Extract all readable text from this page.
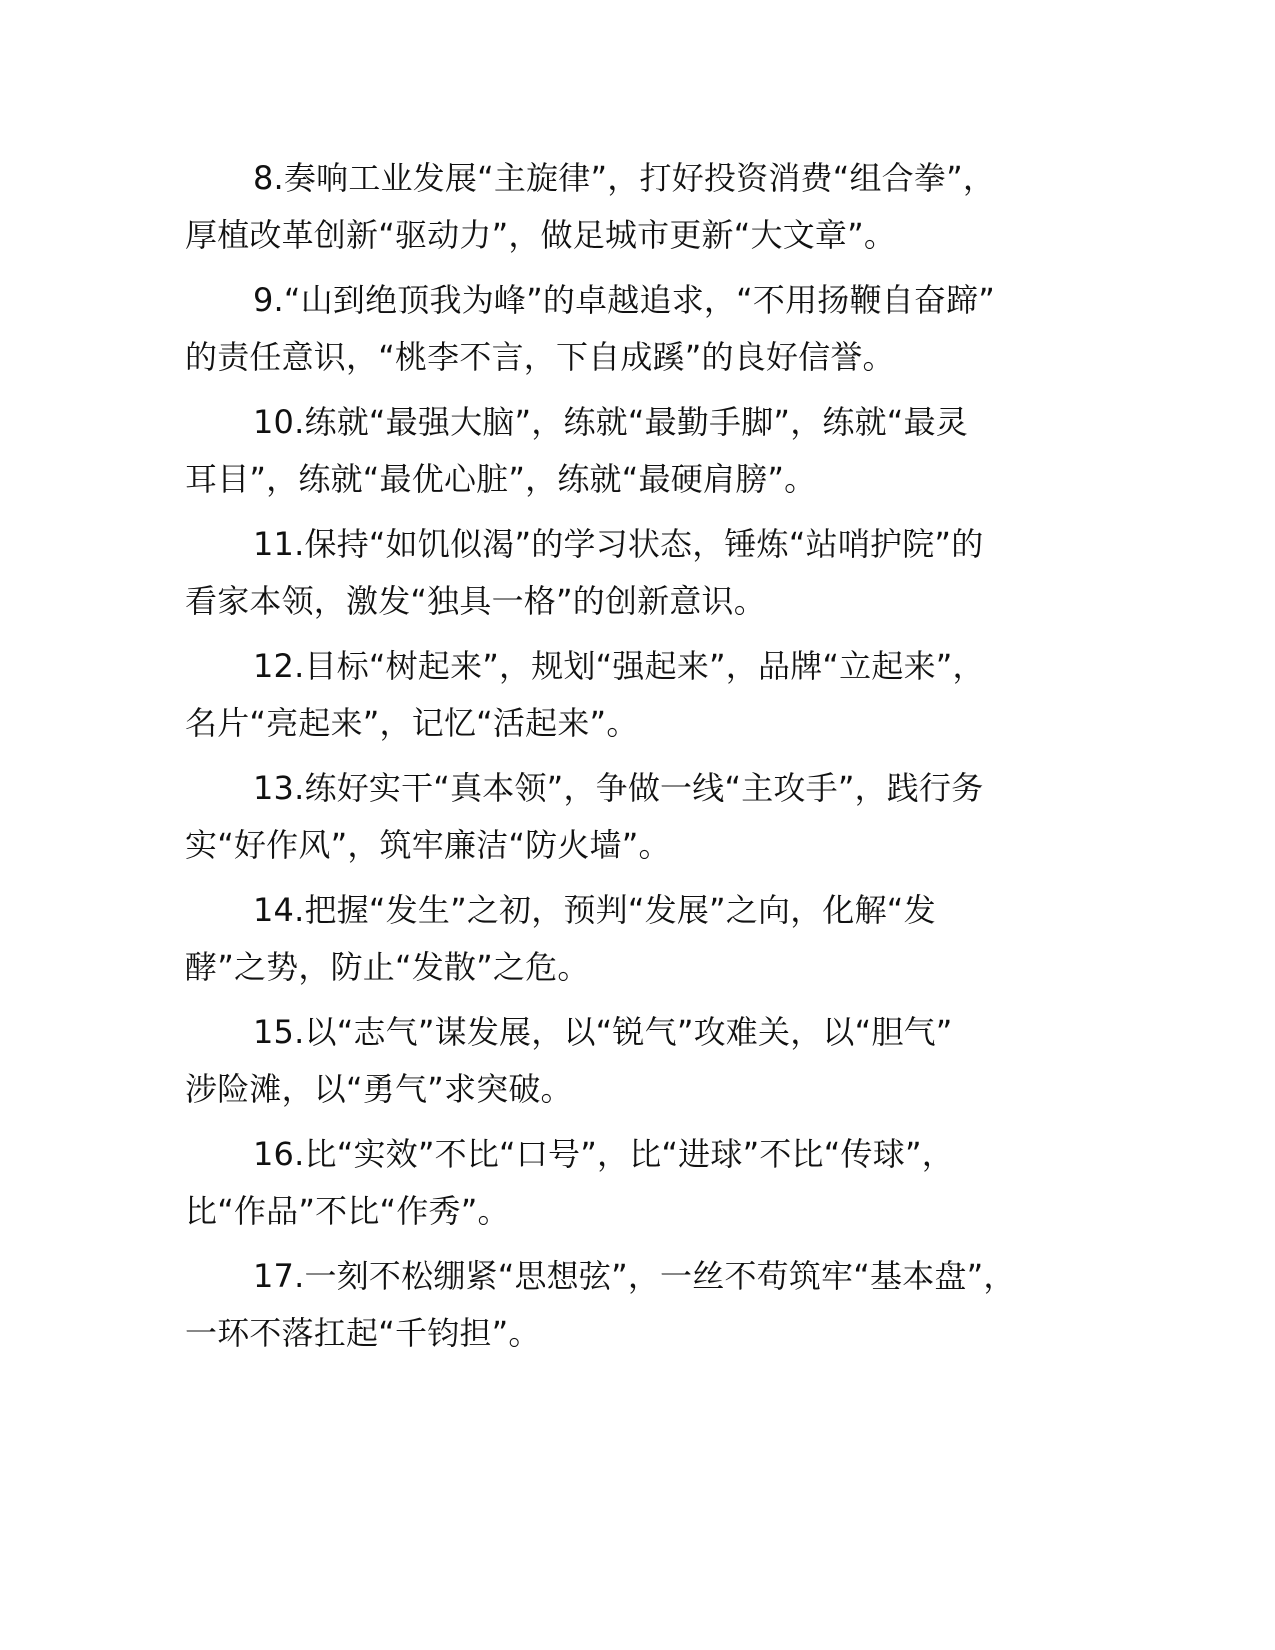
8.奏响工业发展“主旋律”，打好投资消费“组合拳”，
厚植改革创新“驱动力”，做足城市更新“大文章”。

9.“山到绝顶我为峰”的卓越追求，“不用扬鞭自奋蹄”
的责任意识，“桃李不言，下自成蹊”的良好信誉。

10.练就“最强大脑”，练就“最勤手脚”，练就“最灵
耳目”，练就“最优心脏”，练就“最硬肩膀”。

11.保持“如饥似渴”的学习状态，锤炼“站哨护院”的
看家本领，激发“独具一格”的创新意识。

12.目标“树起来”，规划“强起来”，品牌“立起来”，
名片“亮起来”，记忆“活起来”。

13.练好实干“真本领”，争做一线“主攻手”，践行务
实“好作风”，筑牢廉洁“防火墙”。

14.把握“发生”之初，预判“发展”之向，化解“发
酵”之势，防止“发散”之危。

15.以“志气”谋发展，以“锐气”攻难关，以“胆气”
涉险滩，以“勇气”求突破。

16.比“实效”不比“口号”，比“进球”不比“传球”，
比“作品”不比“作秀”。

17.一刻不松绷紧“思想弦”，一丝不苟筑牢“基本盘”，
一环不落扛起“千钧担”。
